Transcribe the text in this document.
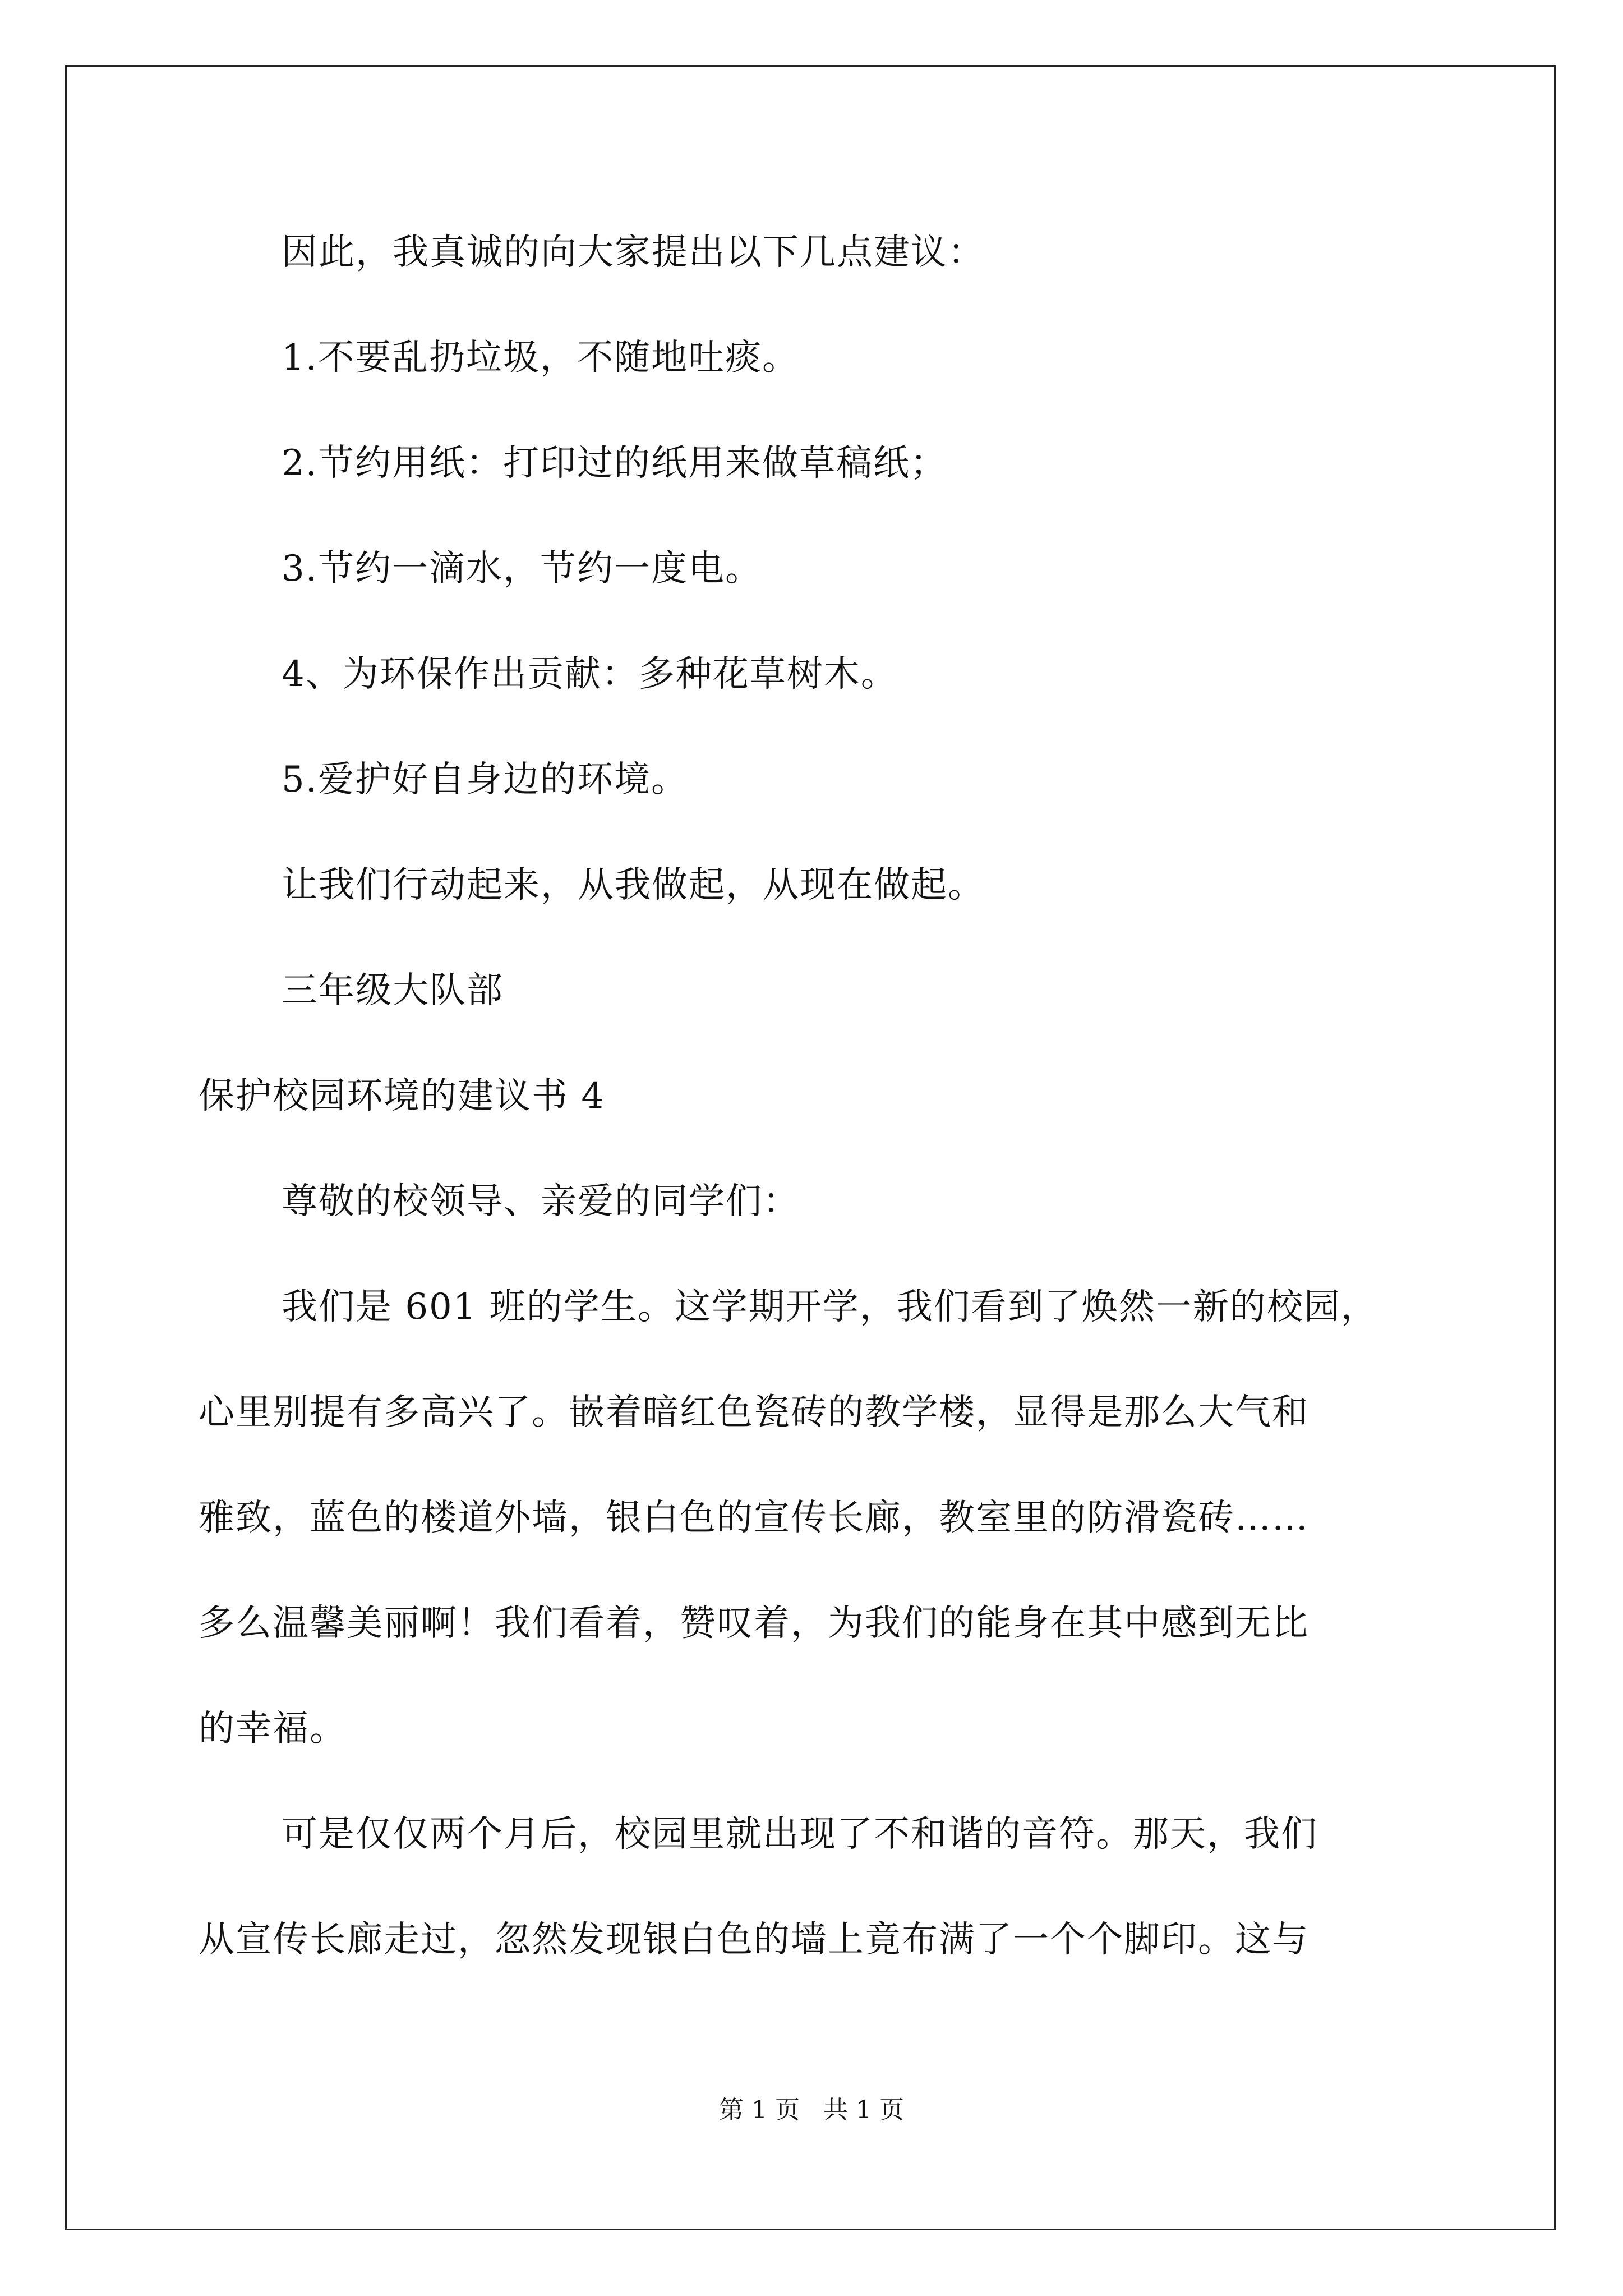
因此，我真诚的向大家提出以下几点建议：
1.不要乱扔垃圾，不随地吐痰。
2.节约用纸：打印过的纸用来做草稿纸；
3.节约一滴水，节约一度电。
4、为环保作出贡献：多种花草树木。
5.爱护好自身边的环境。
让我们行动起来，从我做起，从现在做起。
三年级大队部
保护校园环境的建议书 4
尊敬的校领导、亲爱的同学们：
我们是 601 班的学生。这学期开学，我们看到了焕然一新的校园，
心里别提有多高兴了。嵌着暗红色瓷砖的教学楼，显得是那么大气和
雅致，蓝色的楼道外墙，银白色的宣传长廊，教室里的防滑瓷砖……
多么温馨美丽啊！我们看着，赞叹着，为我们的能身在其中感到无比
的幸福。
可是仅仅两个月后，校园里就出现了不和谐的音符。那天，我们
从宣传长廊走过，忽然发现银白色的墙上竟布满了一个个脚印。这与
第 1 页   共 1 页
